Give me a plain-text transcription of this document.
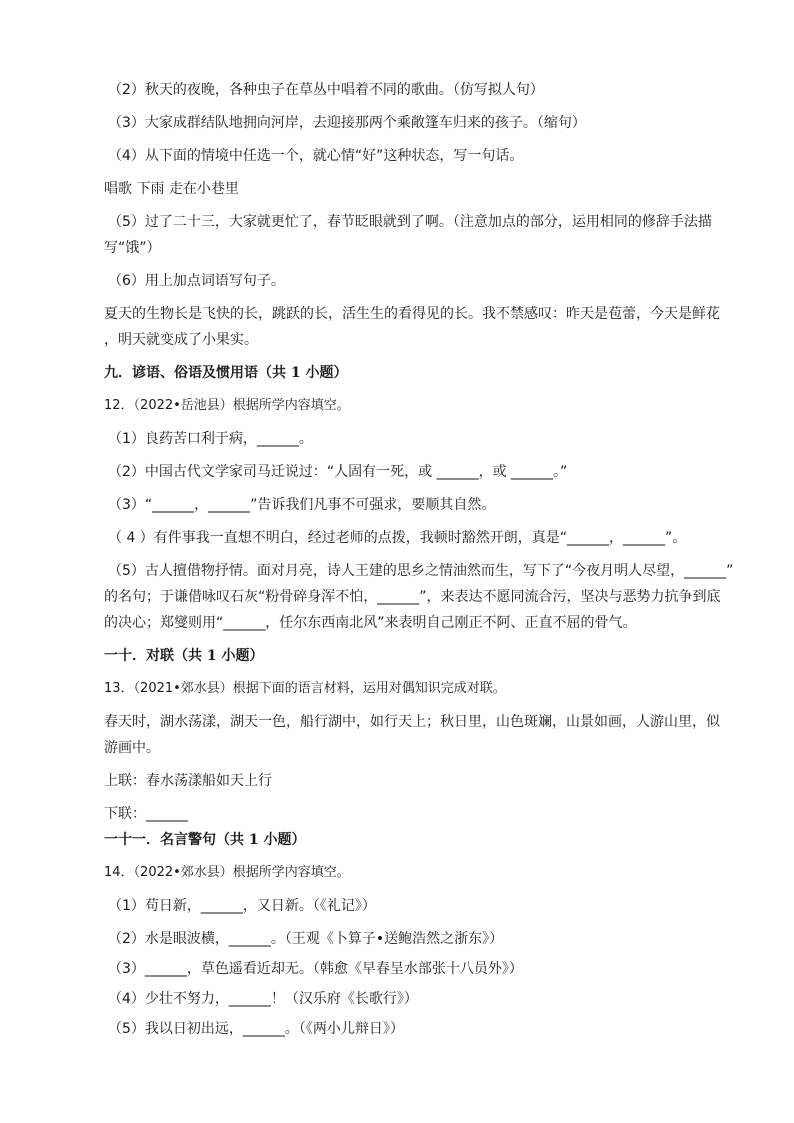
（2）秋天的夜晚，各种虫子在草丛中唱着不同的歌曲。（仿写拟人句）
（3）大家成群结队地拥向河岸，去迎接那两个乘敞篷车归来的孩子。（缩句）
（4）从下面的情境中任选一个，就心情“好”这种状态，写一句话。
唱歌 下雨 走在小巷里
（5）过了二十三，大家就更忙了，春节眨眼就到了啊。（注意加点的部分，运用相同的修辞手法描
写“饿”）
（6）用上加点词语写句子。
夏天的生物长是飞快的长，跳跃的长，活生生的看得见的长。我不禁感叹：昨天是苞蕾，今天是鲜花
，明天就变成了小果实。
九．谚语、俗语及惯用语（共 1 小题）
12．（2022•岳池县）根据所学内容填空。
（1）良药苦口利于病，______。
（2）中国古代文学家司马迁说过：“人固有一死，或 ______，或 ______。”
（3）“______，______”告诉我们凡事不可强求，要顺其自然。
（ 4 ）有件事我一直想不明白，经过老师的点拨，我顿时豁然开朗，真是“______，______”。
（5）古人擅借物抒情。面对月亮，诗人王建的思乡之情油然而生，写下了“今夜月明人尽望，______”
的名句；于谦借咏叹石灰“粉骨碎身浑不怕，______”，来表达不愿同流合污，坚决与恶势力抗争到底
的决心；郑燮则用“______，任尔东西南北风”来表明自己刚正不阿、正直不屈的骨气。
一十．对联（共 1 小题）
13．（2021•郊水县）根据下面的语言材料，运用对偶知识完成对联。
春天时，湖水荡漾，湖天一色，船行湖中，如行天上；秋日里，山色斑斓，山景如画，人游山里，似
游画中。
上联：春水荡漾船如天上行
下联：______
一十一．名言警句（共 1 小题）
14．（2022•郊水县）根据所学内容填空。
（1）苟日新，______，又日新。（《礼记》）
（2）水是眼波横，______。（王观《卜算子•送鲍浩然之浙东》）
（3）______，草色遥看近却无。（韩愈《早春呈水部张十八员外》）
（4）少壮不努力，______！（汉乐府《长歌行》）
（5）我以日初出远，______。（《两小儿辩日》）
